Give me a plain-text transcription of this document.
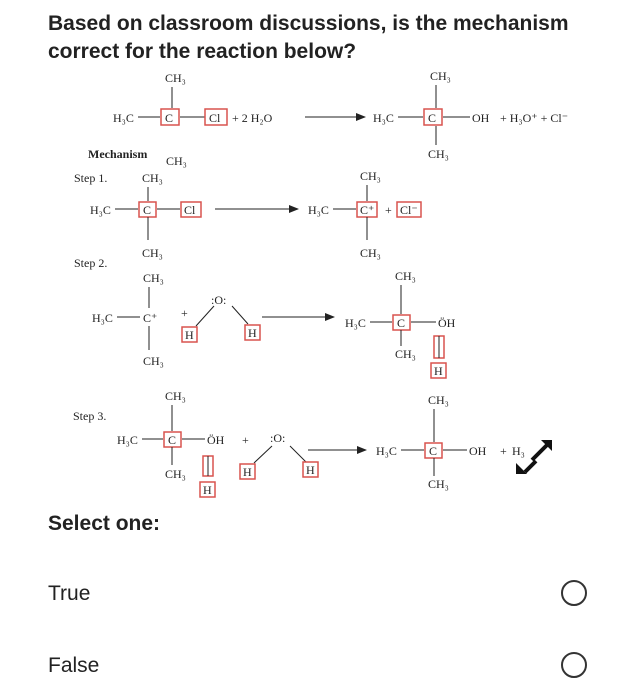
Based on classroom discussions, is the mechanism correct for the reaction below?
CH₃
H₃C	C	Cl + 2 H₂O
CH₃
H₃C	C	OH + H₃O⁺ + Cl⁻
CH₃
Mechanism CH₃
Step 1.	CH₃
H₃C	C	Cl
CH₃
CH₃
H₃C	C⁺ + Cl⁻
CH₃
Step 2.
CH₃
H₃C	C⁺
CH₃
+
H
:O:
H
CH₃
H₃C	C	ÖH
CH₃
H
Step 3.
CH₃
H₃C	C	ÖH +
CH₃
H
H
:O:
H
CH₃
H₃C	C	OH + H₃
CH₃
Select one:
True
False
